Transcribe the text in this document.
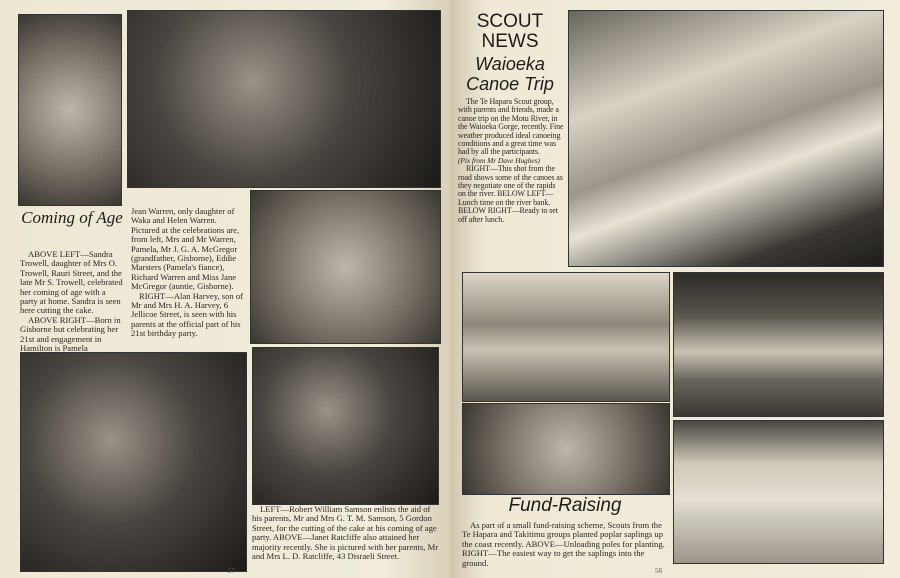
Coming of Age

ABOVE LEFT—Sandra Trowell, daughter of Mrs O. Trowell, Rauri Street, and the late Mr S. Trowell, celebrated her coming of age with a party at home. Sandra is seen here cutting the cake.

ABOVE RIGHT—Born in Gisborne but celebrating her 21st and engagement in Hamilton is Pamela

Jean Warren, only daughter of Waka and Helen Warren. Pictured at the celebrations are, from left, Mrs and Mr Warren, Pamela, Mr J. G. A. McGregor (grandfather, Gisborne), Eddie Marsters (Pamela's fiance), Richard Warren and Miss Jane McGregor (auntie, Gisborne).

RIGHT—Alan Harvey, son of Mr and Mrs H. A. Harvey, 6 Jellicoe Street, is seen with his parents at the official part of his 21st birthday party.

LEFT—Robert William Samson enlists the aid of his parents, Mr and Mrs G. T. M. Samson, 5 Gordon Street, for the cutting of the cake at his coming of age party. ABOVE—Janet Ratcliffe also attained her majority recently. She is pictured with her parents, Mr and Mrs L. D. Ratcliffe, 43 Disraeli Street.

57
SCOUT NEWS
Waioeka Canoe Trip

The Te Hapara Scout group, with parents and friends, made a canoe trip on the Motu River, in the Waioeka Gorge, recently. Fine weather produced ideal canoeing conditions and a great time was had by all the participants.

(Pix from Mr Dave Hughes)

RIGHT—This shot from the road shows some of the canoes as they negotiate one of the rapids on the river. BELOW LEFT—Lunch time on the river bank. BELOW RIGHT—Ready to set off after lunch.

Fund-Raising

As part of a small fund-raising scheme, Scouts from the Te Hapara and Takitimu groups planted poplar saplings up the coast recently. ABOVE—Unloading poles for planting. RIGHT—The easiest way to get the saplings into the ground.

58
